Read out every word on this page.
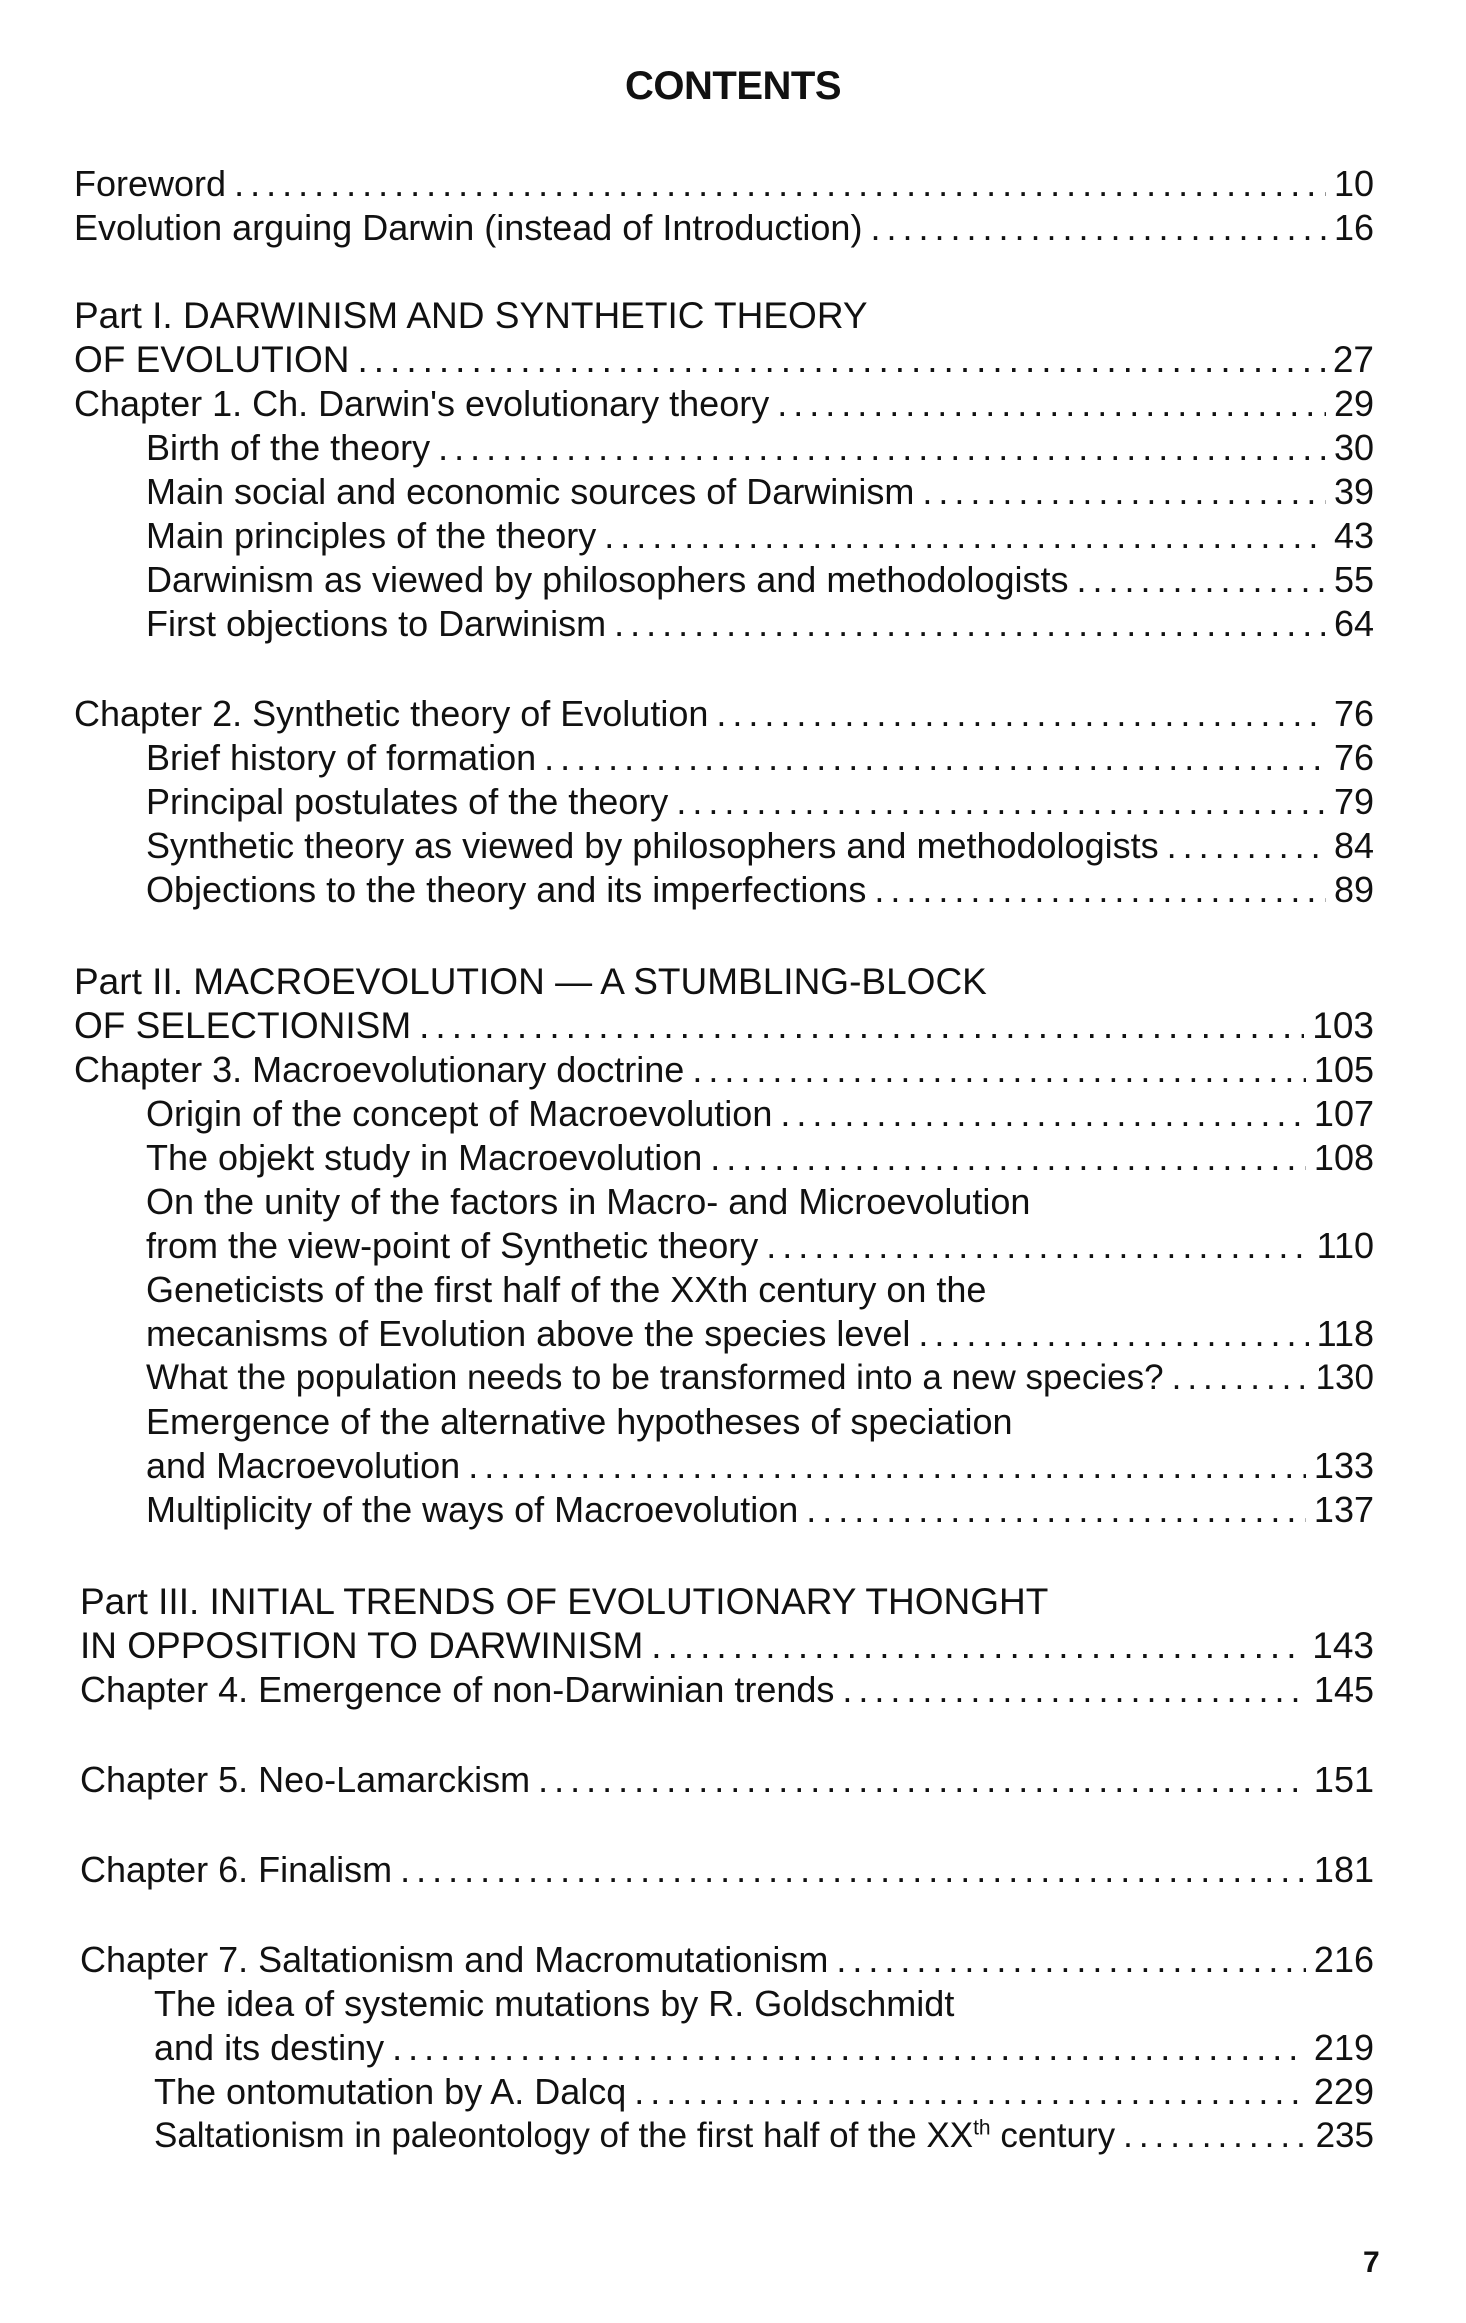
CONTENTS
Foreword .....	10
Evolution arguing Darwin (instead of Introduction) .....	16
Part I. DARWINISM AND SYNTHETIC THEORY
OF EVOLUTION .....	27
Chapter 1. Ch. Darwin's evolutionary theory .....	29
Birth of the theory .....	30
Main social and economic sources of Darwinism .....	39
Main principles of the theory .....	43
Darwinism as viewed by philosophers and methodologists .....	55
First objections to Darwinism .....	64
Chapter 2. Synthetic theory of Evolution .....	76
Brief history of formation .....	76
Principal postulates of the theory .....	79
Synthetic theory as viewed by philosophers and methodologists .....	84
Objections to the theory and its imperfections .....	89
Part II. MACROEVOLUTION — A STUMBLING-BLOCK
OF SELECTIONISM .....	103
Chapter 3. Macroevolutionary doctrine .....	105
Origin of the concept of Macroevolution .....	107
The objekt study in Macroevolution .....	108
On the unity of the factors in Macro- and Microevolution
from the view-point of Synthetic theory .....	110
Geneticists of the first half of the XXth century on the
mecanisms of Evolution above the species level .....	118
What the population needs to be transformed into a new species? .....	130
Emergence of the alternative hypotheses of speciation
and Macroevolution .....	133
Multiplicity of the ways of Macroevolution .....	137
Part III. INITIAL TRENDS OF EVOLUTIONARY THONGHT
IN OPPOSITION TO DARWINISM .....	143
Chapter 4. Emergence of non-Darwinian trends .....	145
Chapter 5. Neo-Lamarckism .....	151
Chapter 6. Finalism .....	181
Chapter 7. Saltationism and Macromutationism .....	216
The idea of systemic mutations by R. Goldschmidt
and its destiny .....	219
The ontomutation by A. Dalcq .....	229
Saltationism in paleontology of the first half of the XXth century .....	235
7
